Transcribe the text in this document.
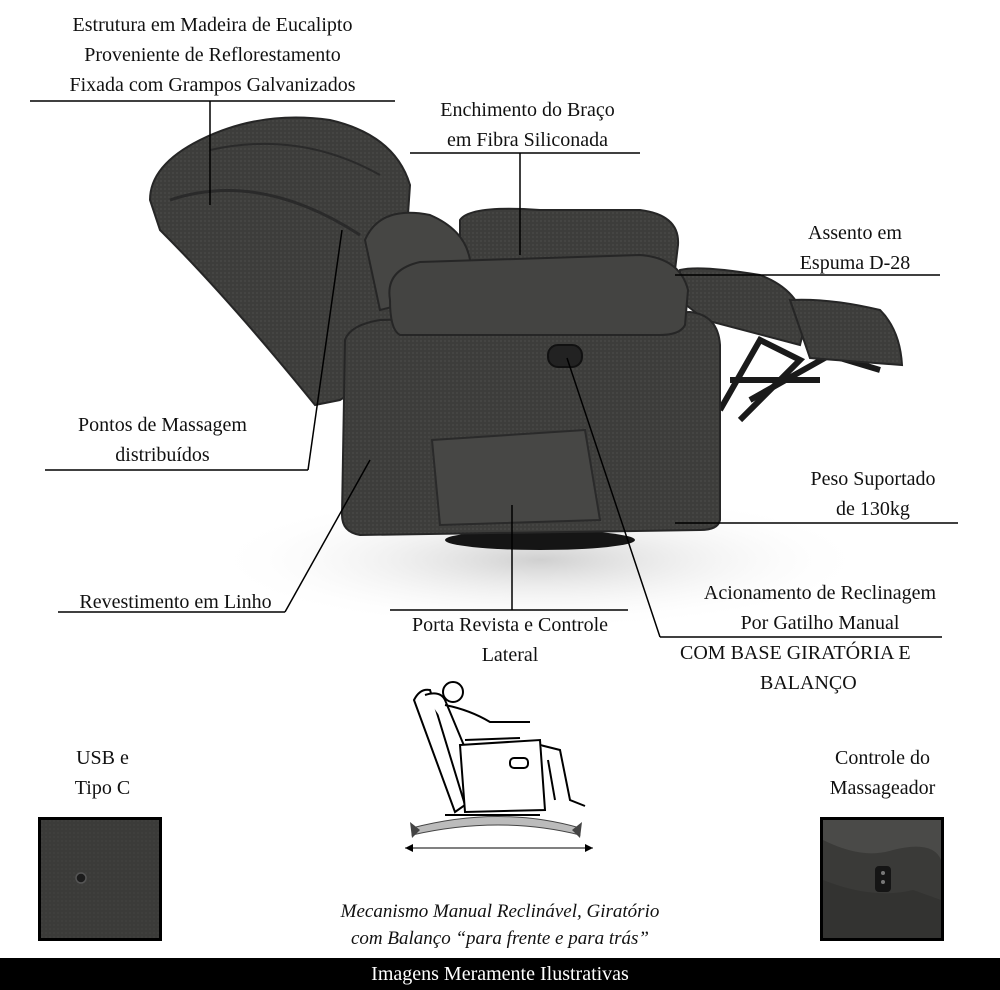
Estrutura em Madeira de Eucalipto
Proveniente de Reflorestamento
Fixada com Grampos Galvanizados
Enchimento do Braço
em Fibra Siliconada
Assento em
Espuma D-28
Pontos de Massagem
distribuídos
Peso Suportado
de 130kg
Revestimento em Linho
Porta Revista e Controle
Lateral
Acionamento de Reclinagem
Por Gatilho Manual
COM BASE GIRATÓRIA E
BALANÇO
USB e
Tipo C
Controle do
Massageador
Mecanismo Manual Reclinável, Giratório
com Balanço “para frente e para trás”
Imagens Meramente Ilustrativas
